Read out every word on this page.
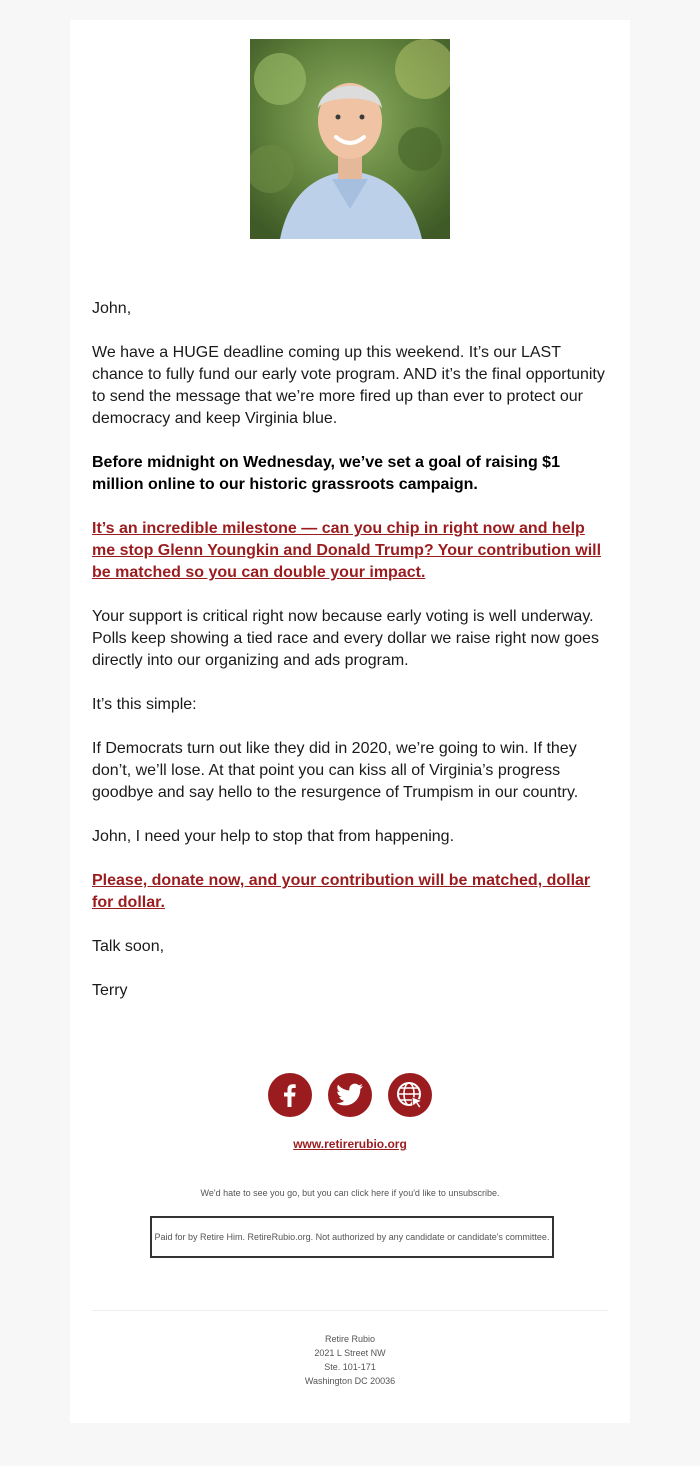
John,

We have a HUGE deadline coming up this weekend. It’s our LAST chance to fully fund our early vote program. AND it’s the final opportunity to send the message that we’re more fired up than ever to protect our democracy and keep Virginia blue.

Before midnight on Wednesday, we’ve set a goal of raising $1 million online to our historic grassroots campaign.

It’s an incredible milestone — can you chip in right now and help me stop Glenn Youngkin and Donald Trump? Your contribution will be matched so you can double your impact.

Your support is critical right now because early voting is well underway. Polls keep showing a tied race and every dollar we raise right now goes directly into our organizing and ads program.

It’s this simple:

If Democrats turn out like they did in 2020, we’re going to win. If they don’t, we’ll lose. At that point you can kiss all of Virginia’s progress goodbye and say hello to the resurgence of Trumpism in our country.

John, I need your help to stop that from happening.

Please, donate now, and your contribution will be matched, dollar for dollar.

Talk soon,

Terry

www.retirerubio.org
We'd hate to see you go, but you can click here if you'd like to unsubscribe.
Paid for by Retire Him. RetireRubio.org. Not authorized by any candidate or candidate's committee.
Retire Rubio
2021 L Street NW
Ste. 101-171
Washington DC 20036
